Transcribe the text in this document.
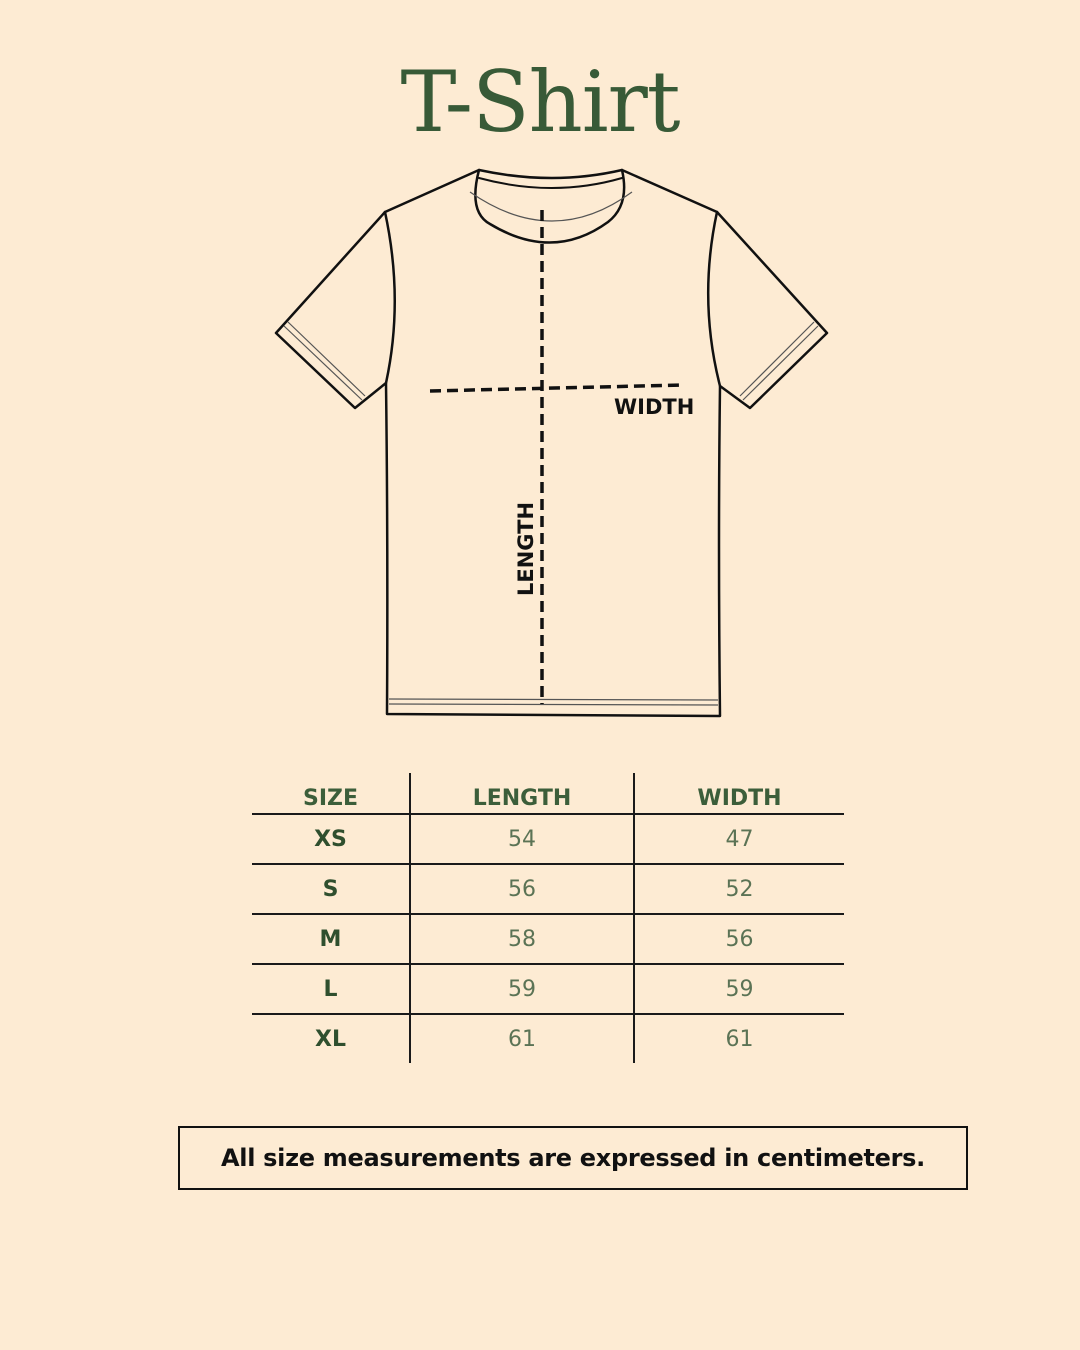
T-Shirt
WIDTH
LENGTH
SIZE	LENGTH	WIDTH
XS	54	47
S	56	52
M	58	56
L	59	59
XL	61	61
All size measurements are expressed in centimeters.
